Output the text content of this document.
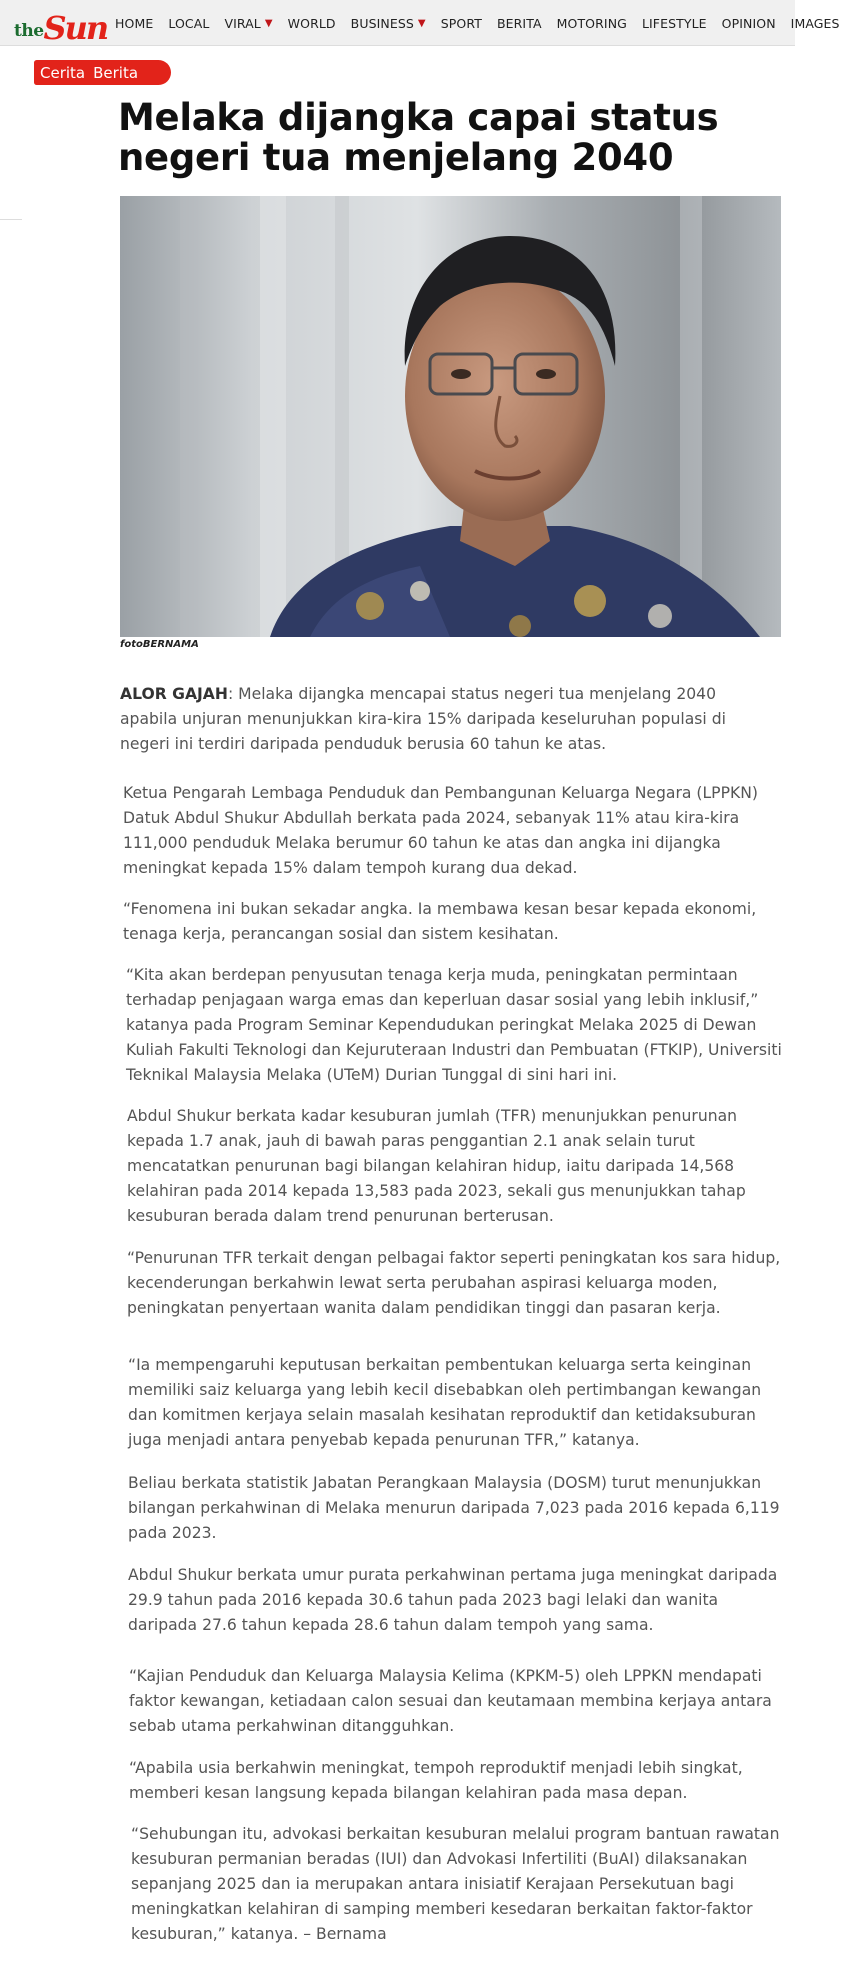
the Sun HOME LOCAL VIRAL ▼ WORLD BUSINESS ▼ SPORT BERITA MOTORING LIFESTYLE OPINION IMAGES
Cerita Berita
Melaka dijangka capai status negeri tua menjelang 2040
fotoBERNAMA

ALOR GAJAH: Melaka dijangka mencapai status negeri tua menjelang 2040 apabila unjuran menunjukkan kira-kira 15% daripada keseluruhan populasi di negeri ini terdiri daripada penduduk berusia 60 tahun ke atas.

Ketua Pengarah Lembaga Penduduk dan Pembangunan Keluarga Negara (LPPKN) Datuk Abdul Shukur Abdullah berkata pada 2024, sebanyak 11% atau kira-kira 111,000 penduduk Melaka berumur 60 tahun ke atas dan angka ini dijangka meningkat kepada 15% dalam tempoh kurang dua dekad.

“Fenomena ini bukan sekadar angka. Ia membawa kesan besar kepada ekonomi, tenaga kerja, perancangan sosial dan sistem kesihatan.

“Kita akan berdepan penyusutan tenaga kerja muda, peningkatan permintaan terhadap penjagaan warga emas dan keperluan dasar sosial yang lebih inklusif,” katanya pada Program Seminar Kependudukan peringkat Melaka 2025 di Dewan Kuliah Fakulti Teknologi dan Kejuruteraan Industri dan Pembuatan (FTKIP), Universiti Teknikal Malaysia Melaka (UTeM) Durian Tunggal di sini hari ini.

Abdul Shukur berkata kadar kesuburan jumlah (TFR) menunjukkan penurunan kepada 1.7 anak, jauh di bawah paras penggantian 2.1 anak selain turut mencatatkan penurunan bagi bilangan kelahiran hidup, iaitu daripada 14,568 kelahiran pada 2014 kepada 13,583 pada 2023, sekali gus menunjukkan tahap kesuburan berada dalam trend penurunan berterusan.

“Penurunan TFR terkait dengan pelbagai faktor seperti peningkatan kos sara hidup, kecenderungan berkahwin lewat serta perubahan aspirasi keluarga moden, peningkatan penyertaan wanita dalam pendidikan tinggi dan pasaran kerja.

“Ia mempengaruhi keputusan berkaitan pembentukan keluarga serta keinginan memiliki saiz keluarga yang lebih kecil disebabkan oleh pertimbangan kewangan dan komitmen kerjaya selain masalah kesihatan reproduktif dan ketidaksuburan juga menjadi antara penyebab kepada penurunan TFR,” katanya.

Beliau berkata statistik Jabatan Perangkaan Malaysia (DOSM) turut menunjukkan bilangan perkahwinan di Melaka menurun daripada 7,023 pada 2016 kepada 6,119 pada 2023.

Abdul Shukur berkata umur purata perkahwinan pertama juga meningkat daripada 29.9 tahun pada 2016 kepada 30.6 tahun pada 2023 bagi lelaki dan wanita daripada 27.6 tahun kepada 28.6 tahun dalam tempoh yang sama.

“Kajian Penduduk dan Keluarga Malaysia Kelima (KPKM-5) oleh LPPKN mendapati faktor kewangan, ketiadaan calon sesuai dan keutamaan membina kerjaya antara sebab utama perkahwinan ditangguhkan.

“Apabila usia berkahwin meningkat, tempoh reproduktif menjadi lebih singkat, memberi kesan langsung kepada bilangan kelahiran pada masa depan.

“Sehubungan itu, advokasi berkaitan kesuburan melalui program bantuan rawatan kesuburan permanian beradas (IUI) dan Advokasi Infertiliti (BuAI) dilaksanakan sepanjang 2025 dan ia merupakan antara inisiatif Kerajaan Persekutuan bagi meningkatkan kelahiran di samping memberi kesedaran berkaitan faktor-faktor kesuburan,” katanya. – Bernama
